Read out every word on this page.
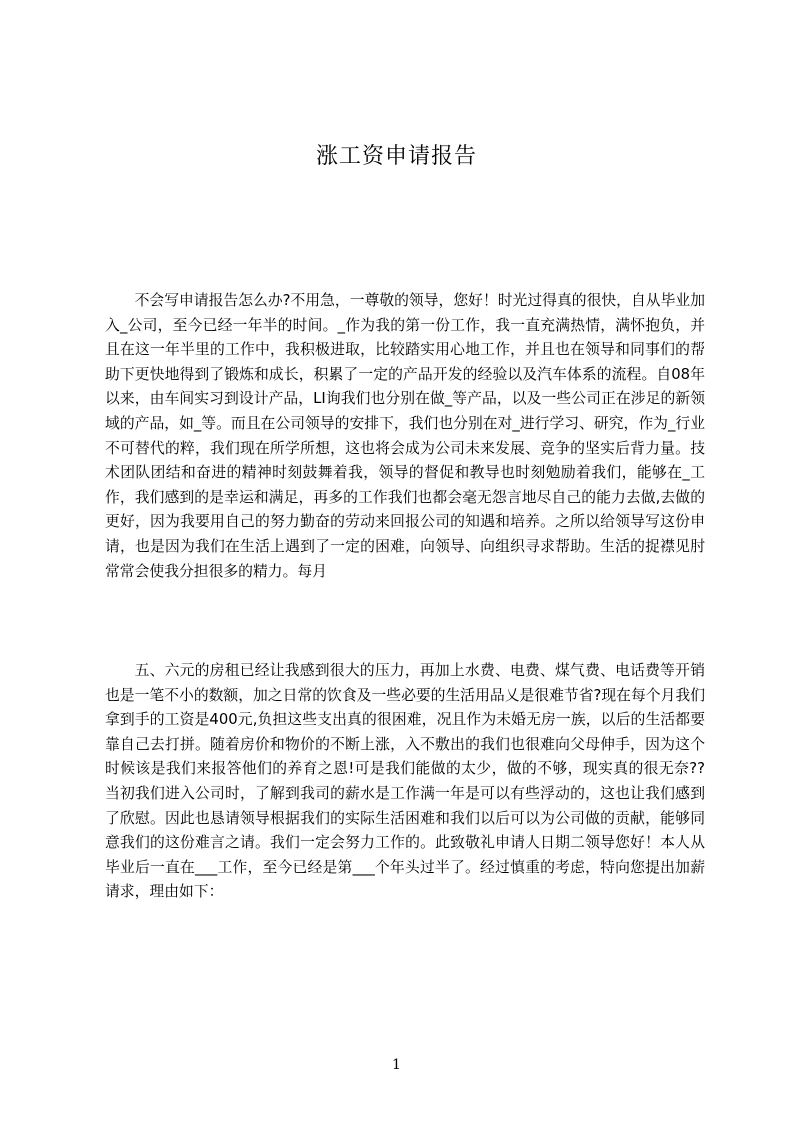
涨工资申请报告
不会写申请报告怎么办?不用急，一尊敬的领导，您好！时光过得真的很快，自从毕业加入_公司，至今已经一年半的时间。_作为我的第一份工作，我一直充满热情，满怀抱负，并且在这一年半里的工作中，我积极进取，比较踏实用心地工作，并且也在领导和同事们的帮助下更快地得到了锻炼和成长，积累了一定的产品开发的经验以及汽车体系的流程。自08年以来，由车间实习到设计产品，LI询我们也分别在做_等产品，以及一些公司正在涉足的新领域的产品，如_等。而且在公司领导的安排下，我们也分别在对_进行学习、研究，作为_行业不可替代的粹，我们现在所学所想，这也将会成为公司未来发展、竞争的坚实后背力量。技术团队团结和奋进的精神时刻鼓舞着我，领导的督促和教导也时刻勉励着我们，能够在_工作，我们感到的是幸运和满足，再多的工作我们也都会毫无怨言地尽自己的能力去做,去做的更好，因为我要用自己的努力勤奋的劳动来回报公司的知遇和培养。之所以给领导写这份申请，也是因为我们在生活上遇到了一定的困难，向领导、向组织寻求帮助。生活的捉襟见肘常常会使我分担很多的精力。每月
五、六元的房租已经让我感到很大的压力，再加上水费、电费、煤气费、电话费等开销也是一笔不小的数额，加之日常的饮食及一些必要的生活用品乂是很难节省?现在每个月我们拿到手的工资是400元,负担这些支出真的很困难，况且作为未婚无房一族，以后的生活都要靠自己去打拼。随着房价和物价的不断上涨，入不敷出的我们也很难向父母伸手，因为这个时候该是我们来报答他们的养育之恩!可是我们能做的太少，做的不够，现实真的很无奈?? 当初我们进入公司时，了解到我司的薪水是工作满一年是可以有些浮动的，这也让我们感到了欣慰。因此也恳请领导根据我们的实际生活困难和我们以后可以为公司做的贡献，能够同意我们的这份难言之请。我们一定会努力工作的。此致敬礼申请人日期二领导您好！本人从毕业后一直在___工作，至今已经是第___个年头过半了。经过慎重的考虑，特向您提出加薪请求，理由如下：
1
